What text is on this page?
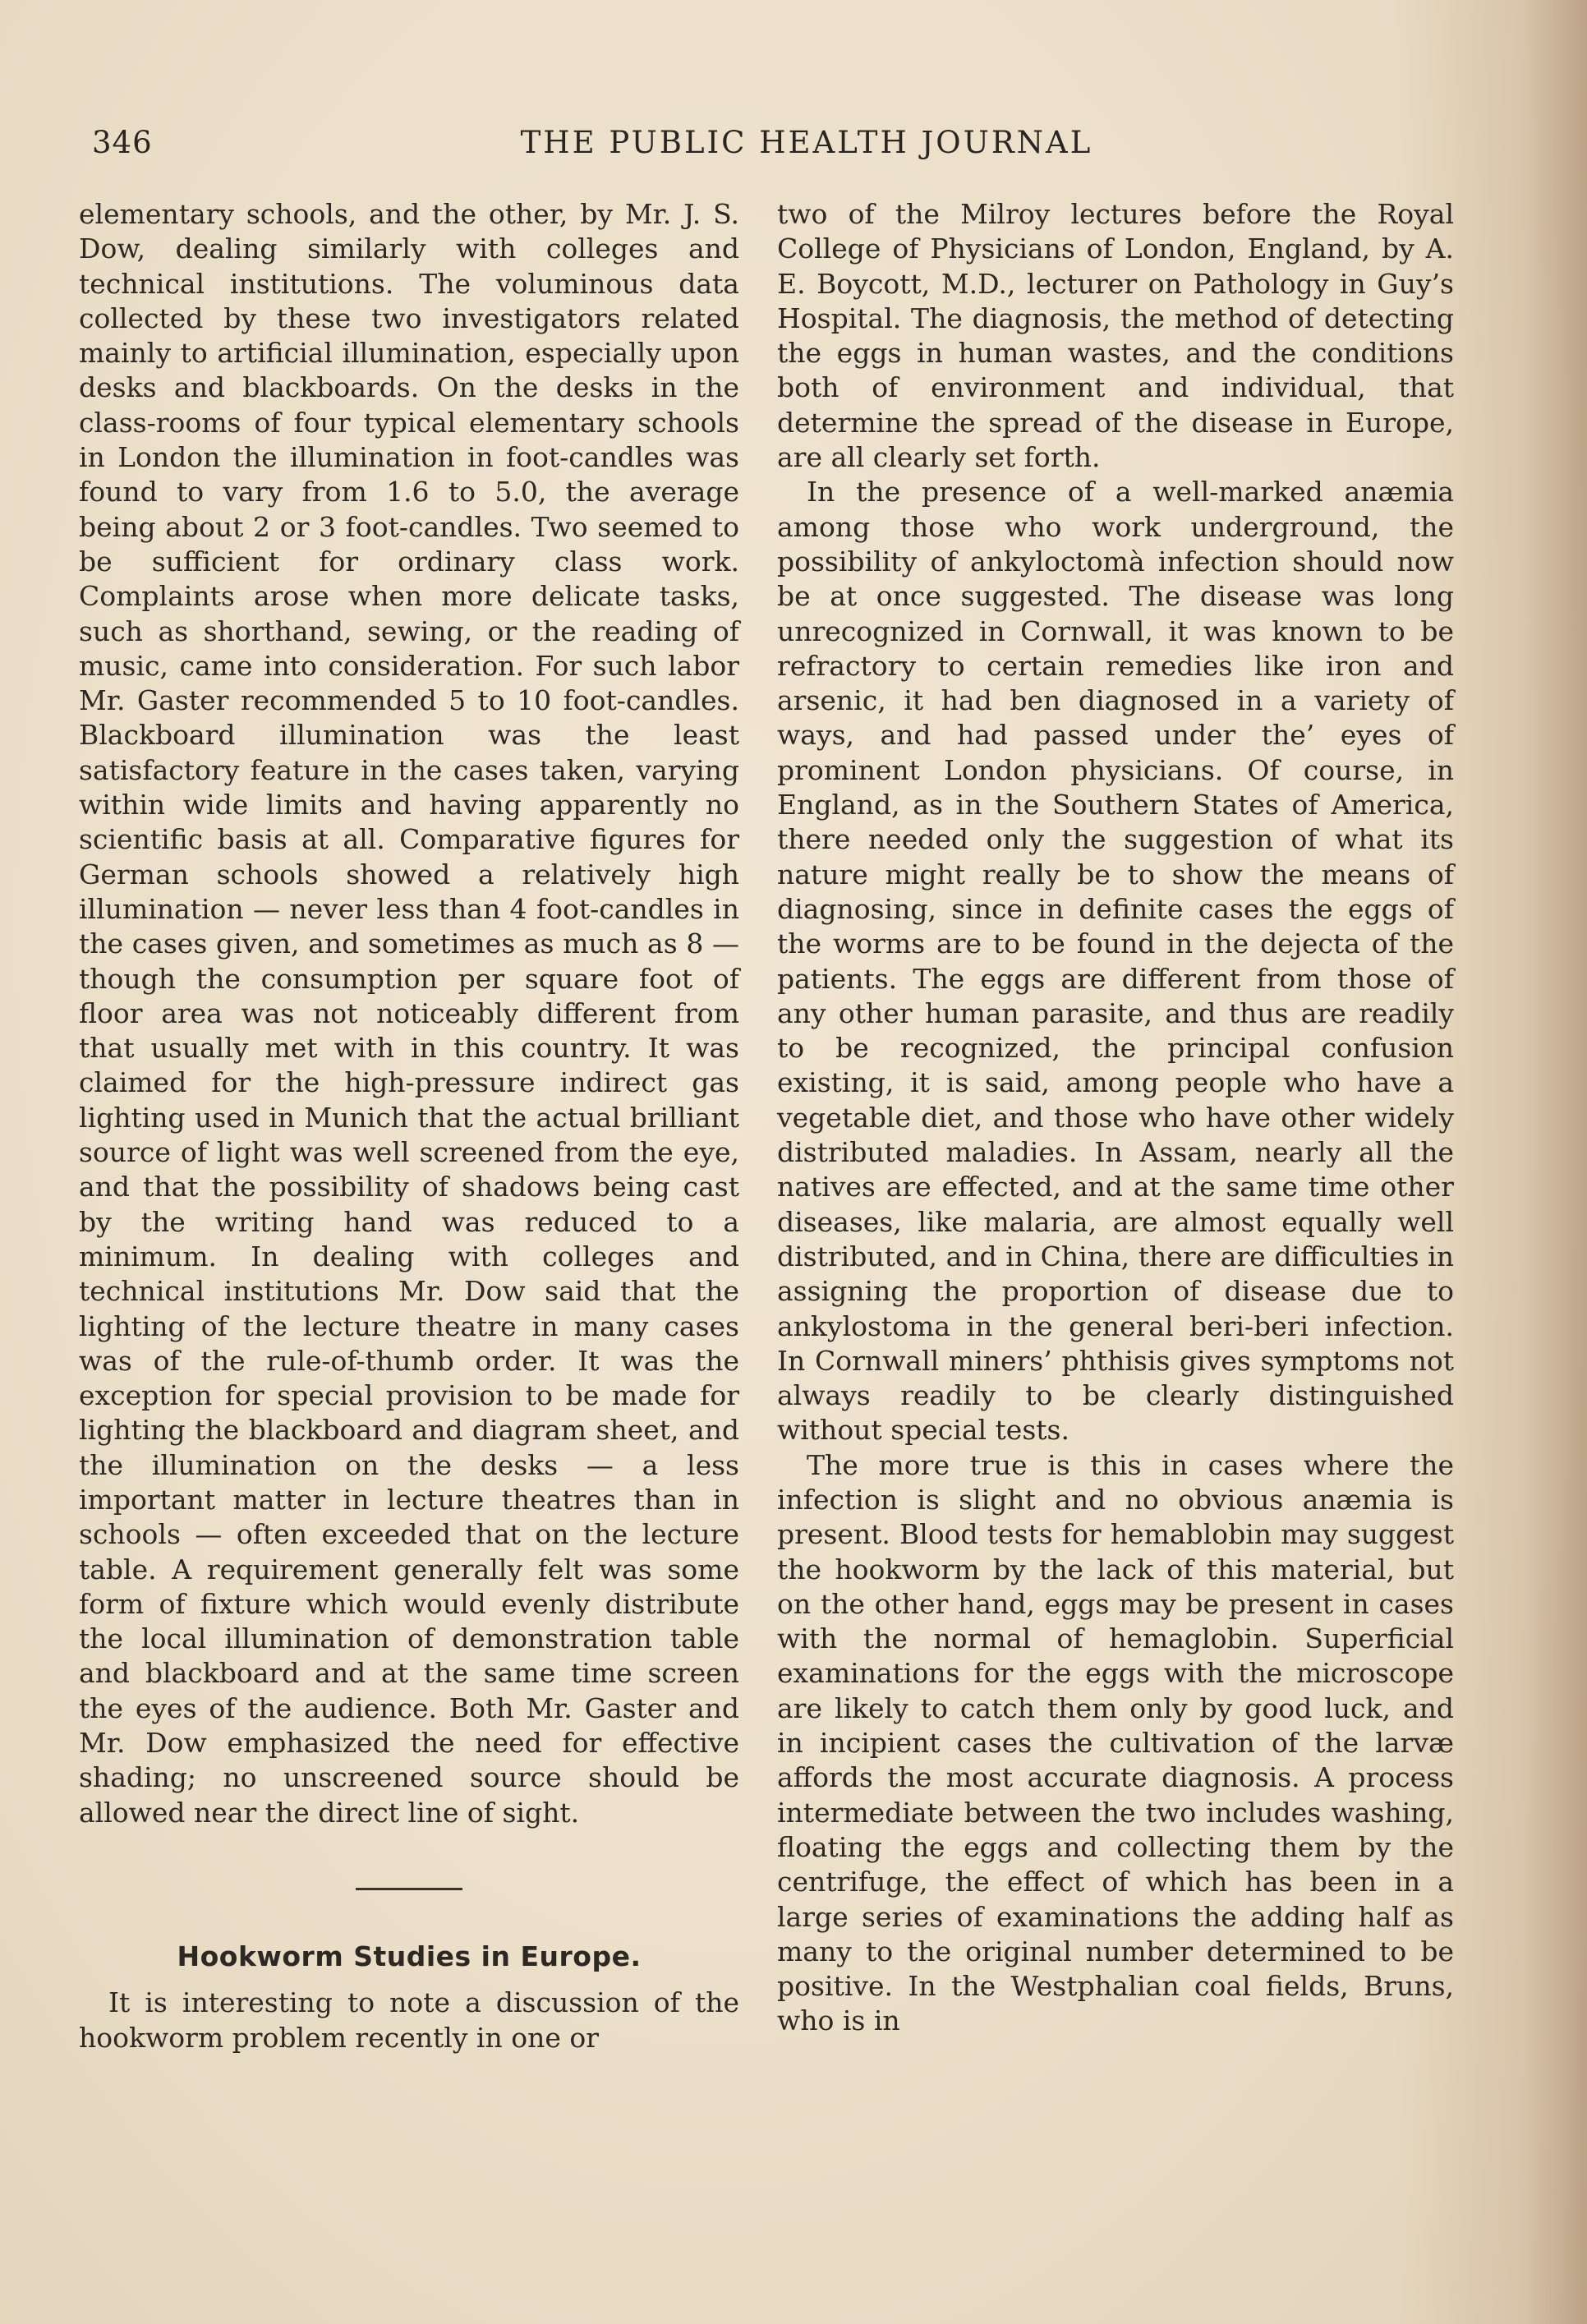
346	THE PUBLIC HEALTH JOURNAL

elementary schools, and the other, by Mr. J. S. Dow, dealing similarly with colleges and technical institutions. The voluminous data collected by these two investigators related mainly to artificial illumination, especially upon desks and blackboards. On the desks in the class-rooms of four typical elementary schools in London the illumination in foot-candles was found to vary from 1.6 to 5.0, the average being about 2 or 3 foot-candles. Two seemed to be sufficient for ordinary class work. Complaints arose when more delicate tasks, such as shorthand, sewing, or the reading of music, came into consideration. For such labor Mr. Gaster recommended 5 to 10 foot-candles. Blackboard illumination was the least satisfactory feature in the cases taken, varying within wide limits and having apparently no scientific basis at all. Comparative figures for German schools showed a relatively high illumination — never less than 4 foot-candles in the cases given, and sometimes as much as 8 — though the consumption per square foot of floor area was not noticeably different from that usually met with in this country. It was claimed for the high-pressure indirect gas lighting used in Munich that the actual brilliant source of light was well screened from the eye, and that the possibility of shadows being cast by the writing hand was reduced to a minimum. In dealing with colleges and technical institutions Mr. Dow said that the lighting of the lecture theatre in many cases was of the rule-of-thumb order. It was the exception for special provision to be made for lighting the blackboard and diagram sheet, and the illumination on the desks — a less important matter in lecture theatres than in schools — often exceeded that on the lecture table. A requirement generally felt was some form of fixture which would evenly distribute the local illumination of demonstration table and blackboard and at the same time screen the eyes of the audience. Both Mr. Gaster and Mr. Dow emphasized the need for effective shading; no unscreened source should be allowed near the direct line of sight.

Hookworm Studies in Europe.

It is interesting to note a discussion of the hookworm problem recently in one or

two of the Milroy lectures before the Royal College of Physicians of London, England, by A. E. Boycott, M.D., lecturer on Pathology in Guy’s Hospital. The diagnosis, the method of detecting the eggs in human wastes, and the conditions both of environment and individual, that determine the spread of the disease in Europe, are all clearly set forth.

In the presence of a well-marked anæmia among those who work underground, the possibility of ankyloctomà infection should now be at once suggested. The disease was long unrecognized in Cornwall, it was known to be refractory to certain remedies like iron and arsenic, it had ben diagnosed in a variety of ways, and had passed under the’ eyes of prominent London physicians. Of course, in England, as in the Southern States of America, there needed only the suggestion of what its nature might really be to show the means of diagnosing, since in definite cases the eggs of the worms are to be found in the dejecta of the patients. The eggs are different from those of any other human parasite, and thus are readily to be recognized, the principal confusion existing, it is said, among people who have a vegetable diet, and those who have other widely distributed maladies. In Assam, nearly all the natives are effected, and at the same time other diseases, like malaria, are almost equally well distributed, and in China, there are difficulties in assigning the proportion of disease due to ankylostoma in the general beri-beri infection. In Cornwall miners’ phthisis gives symptoms not always readily to be clearly distinguished without special tests.

The more true is this in cases where the infection is slight and no obvious anæmia is present. Blood tests for hemablobin may suggest the hookworm by the lack of this material, but on the other hand, eggs may be present in cases with the normal of hemaglobin. Superficial examinations for the eggs with the microscope are likely to catch them only by good luck, and in incipient cases the cultivation of the larvæ affords the most accurate diagnosis. A process intermediate between the two includes washing, floating the eggs and collecting them by the centrifuge, the effect of which has been in a large series of examinations the adding half as many to the original number determined to be positive. In the Westphalian coal fields, Bruns, who is in
